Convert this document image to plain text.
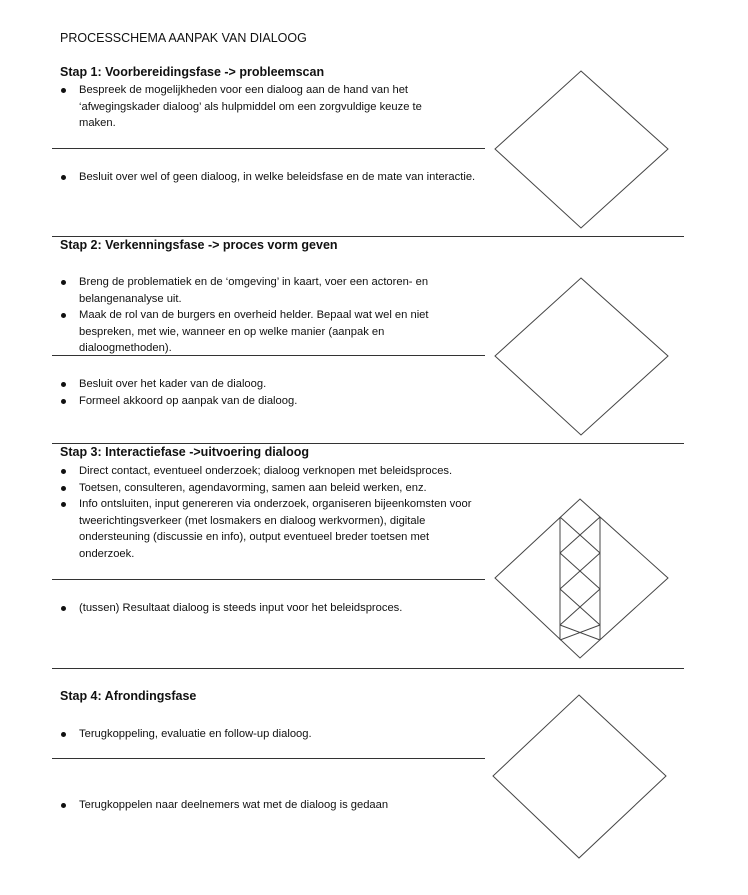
PROCESSCHEMA AANPAK VAN DIALOOG
Stap 1: Voorbereidingsfase -> probleemscan
Bespreek de mogelijkheden voor een dialoog aan de hand van het ‘afwegingskader dialoog’ als hulpmiddel om een zorgvuldige keuze te maken.
Besluit over wel of geen dialoog, in welke beleidsfase en de mate van interactie.
Stap 2: Verkenningsfase -> proces vorm geven
Breng de problematiek en de ‘omgeving’ in kaart, voer een actoren- en belangenanalyse uit.
Maak de rol van de burgers en overheid helder. Bepaal wat wel en niet bespreken, met wie, wanneer en op welke manier (aanpak en dialoogmethoden).
Besluit over het kader van de dialoog.
Formeel akkoord op aanpak van de dialoog.
Stap 3: Interactiefase ->uitvoering dialoog
Direct contact, eventueel onderzoek; dialoog verknopen met beleidsproces.
Toetsen, consulteren, agendavorming, samen aan beleid werken, enz.
Info ontsluiten, input genereren via onderzoek, organiseren bijeenkomsten voor tweerichtingsverkeer (met losmakers en dialoog werkvormen), digitale ondersteuning (discussie en info), output eventueel breder toetsen met onderzoek.
(tussen) Resultaat dialoog is steeds input voor het beleidsproces.
Stap 4: Afrondingsfase
Terugkoppeling, evaluatie en follow-up dialoog.
Terugkoppelen naar deelnemers wat met de dialoog is gedaan
